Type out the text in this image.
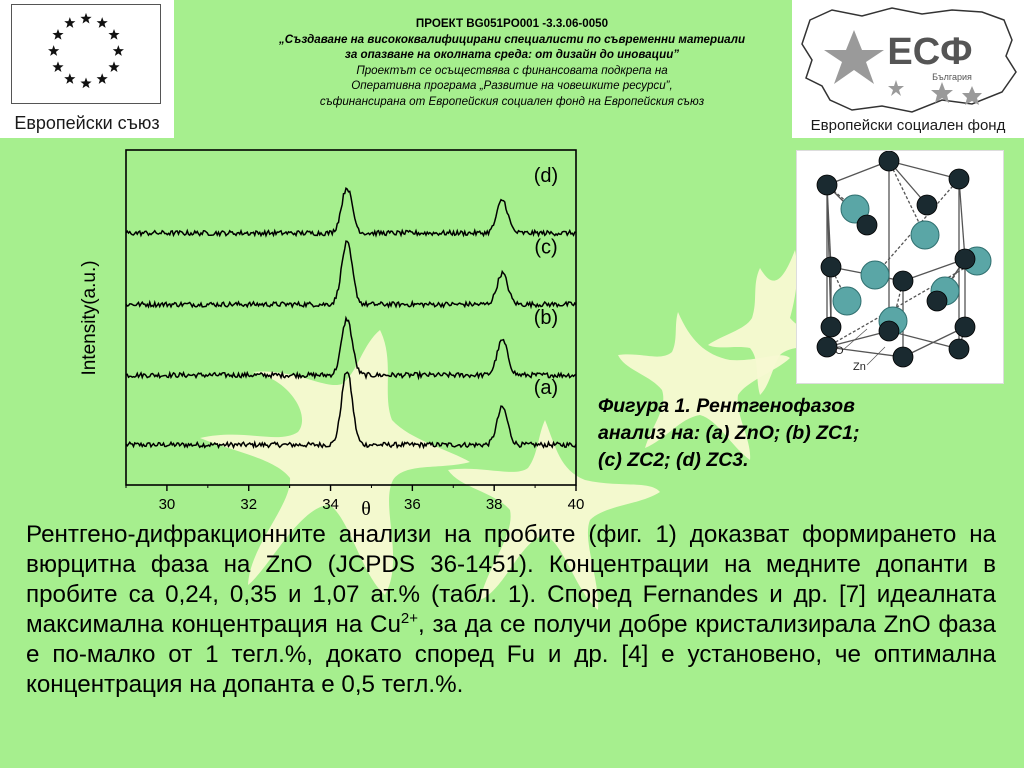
Европейски съюз
ЕСФ
България
Европейски социален фонд
ПРОЕКТ BG051PO001 -3.3.06-0050
„Създаване на висококвалифицирани специалисти по съвременни материали
за опазване на околната среда: от дизайн до иновации”
Проектът се осъществява с финансовата подкрепа на
Оперативна програма „Развитие на човешките ресурси”,
съфинансирана от Европейския социален фонд на Европейския съюз
(a)
(b)
(c)
(d)
30	32	34	36	38	40
Intensity(a.u.)
θ
O
Zn
Фигура 1. Рентгенофазов
анализ на: (a) ZnO; (b) ZC1;
(c) ZC2; (d) ZC3.
Рентгено-дифракционните анализи на пробите (фиг. 1) доказват формирането на вюрцитна фаза на ZnO (JCPDS 36-1451). Концентрации на медните допанти в пробите са 0,24, 0,35 и 1,07 ат.% (табл. 1). Според Fernandes и др. [7] идеалната максимална концентрация на $Cu^{2+}$, за да се получи добре кристализирала ZnO фаза е по-малко от 1 тегл.%, докато според Fu и др. [4] е установено, че оптимална концентрация на допанта е 0,5 тегл.%.
